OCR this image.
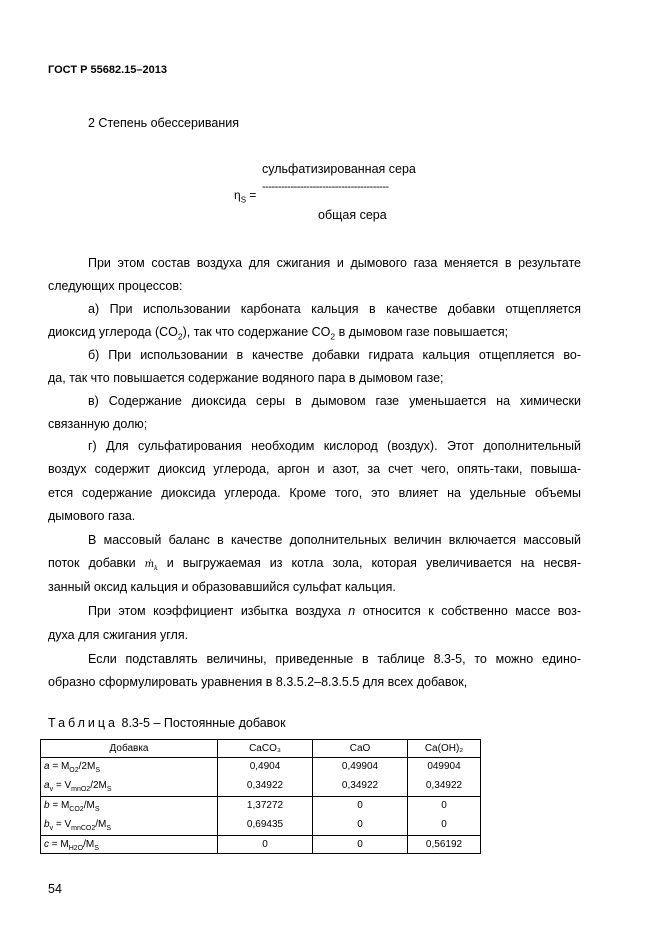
ГОСТ Р 55682.15–2013
2 Степень обессеривания
сульфатизированная сера
$\eta_S$ =
----------------------------------------
общая сера
При этом состав воздуха для сжигания и дымового газа меняется в результате
следующих процессов:
а) При использовании карбоната кальция в качестве добавки отщепляется
диоксид углерода $(CO_2)$, так что содержание $CO_2$ в дымовом газе повышается;
б) При использовании в качестве добавки гидрата кальция отщепляется во-
да, так что повышается содержание водяного пара в дымовом газе;
в) Содержание диоксида серы в дымовом газе уменьшается на химически
связанную долю;
г) Для сульфатирования необходим кислород (воздух). Этот дополнительный
воздух содержит диоксид углерода, аргон и азот, за счет чего, опять-таки, повыша-
ется содержание диоксида углерода. Кроме того, это влияет на удельные объемы
дымового газа.
В массовый баланс в качестве дополнительных величин включается массовый
поток добавки ṁ$_k$ и выгружаемая из котла зола, которая увеличивается на несвя-
занный оксид кальция и образовавшийся сульфат кальция.
При этом коэффициент избытка воздуха n относится к собственно массе воз-
духа для сжигания угля.
Если подставлять величины, приведенные в таблице 8.3-5, то можно едино-
образно сформулировать уравнения в 8.3.5.2–8.3.5.5 для всех добавок,
Таблица 8.3-5 – Постоянные добавок
Добавка	CaCO₃	CaO	Ca(OH)₂
$a = M_{O2}/2M_S$	0,4904	0,49904	049904
$a_v = V_{mnO2}/2M_S$	0,34922	0,34922	0,34922
$b = M_{CO2}/M_S$	1,37272	0	0
$b_v = V_{mnCO2}/M_S$	0,69435	0	0
$c = M_{H2O}/M_S$	0	0	0,56192
54
